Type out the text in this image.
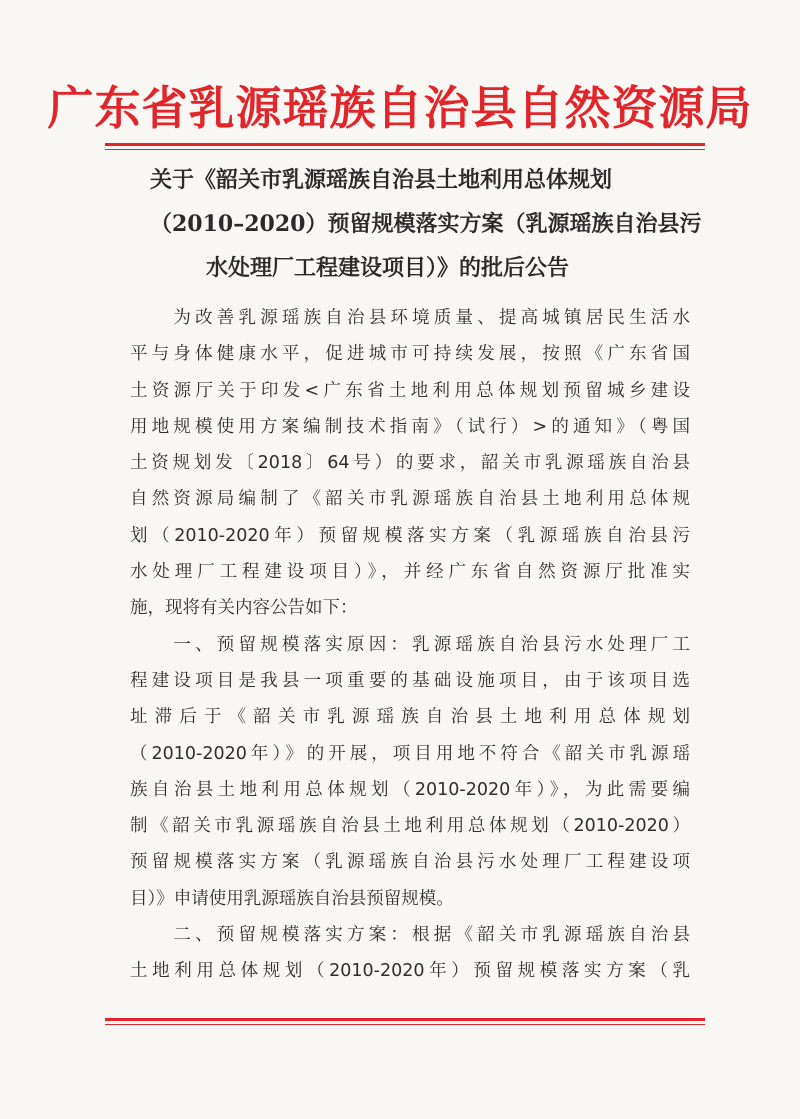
广东省乳源瑶族自治县自然资源局
关于《韶关市乳源瑶族自治县土地利用总体规划
（2010–2020）预留规模落实方案（乳源瑶族自治县污
水处理厂工程建设项目）》的批后公告
　　为改善乳源瑶族自治县环境质量、提高城镇居民生活水
平与身体健康水平，促进城市可持续发展，按照《广东省国
土资源厅关于印发<广东省土地利用总体规划预留城乡建设
用地规模使用方案编制技术指南》（试行）>的通知》（粤国
土资规划发〔2018〕64号）的要求，韶关市乳源瑶族自治县
自然资源局编制了《韶关市乳源瑶族自治县土地利用总体规
划（2010-2020年）预留规模落实方案（乳源瑶族自治县污
水处理厂工程建设项目）》，并经广东省自然资源厅批准实
施，现将有关内容公告如下：
　　一、预留规模落实原因：乳源瑶族自治县污水处理厂工
程建设项目是我县一项重要的基础设施项目，由于该项目选
址滞后于《韶关市乳源瑶族自治县土地利用总体规划
（2010-2020年）》的开展，项目用地不符合《韶关市乳源瑶
族自治县土地利用总体规划（2010-2020年）》，为此需要编
制《韶关市乳源瑶族自治县土地利用总体规划（2010-2020）
预留规模落实方案（乳源瑶族自治县污水处理厂工程建设项
目）》申请使用乳源瑶族自治县预留规模。
　　二、预留规模落实方案：根据《韶关市乳源瑶族自治县
土地利用总体规划（2010-2020年）预留规模落实方案（乳
